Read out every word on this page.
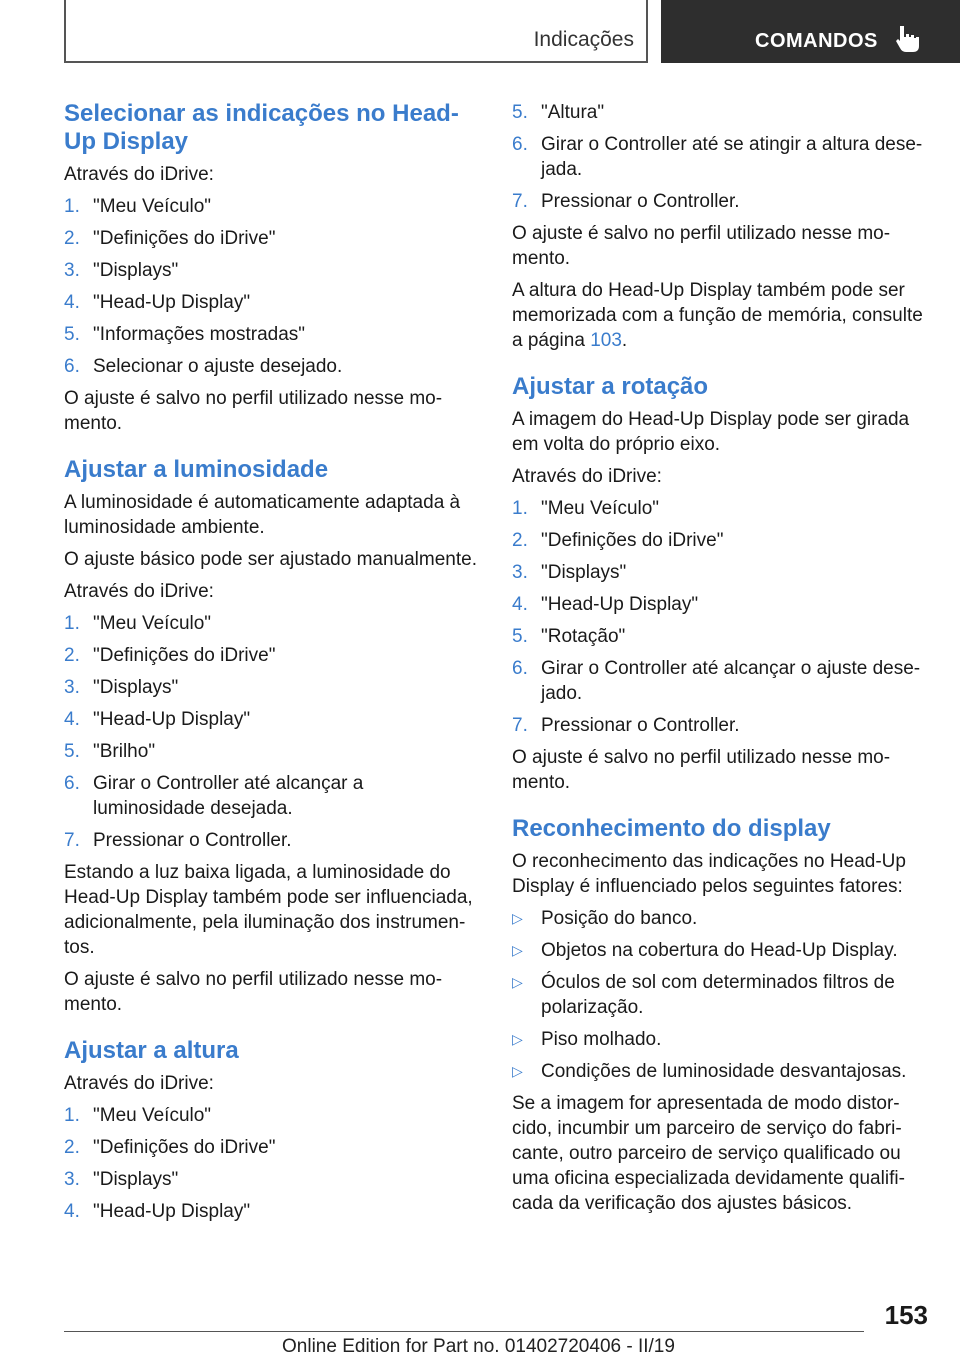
Indicações	COMANDOS
Selecionar as indicações no Head-Up Display

Através do iDrive:

1. "Meu Veículo"
2. "Definições do iDrive"
3. "Displays"
4. "Head-Up Display"
5. "Informações mostradas"
6. Selecionar o ajuste desejado.

O ajuste é salvo no perfil utilizado nesse mo-mento.

Ajustar a luminosidade

A luminosidade é automaticamente adaptada à luminosidade ambiente.

O ajuste básico pode ser ajustado manualmente.

Através do iDrive:

1. "Meu Veículo"
2. "Definições do iDrive"
3. "Displays"
4. "Head-Up Display"
5. "Brilho"
6. Girar o Controller até alcançar a luminosidade desejada.
7. Pressionar o Controller.

Estando a luz baixa ligada, a luminosidade do Head-Up Display também pode ser influenciada, adicionalmente, pela iluminação dos instrumen-tos.

O ajuste é salvo no perfil utilizado nesse mo-mento.

Ajustar a altura

Através do iDrive:

1. "Meu Veículo"
2. "Definições do iDrive"
3. "Displays"
4. "Head-Up Display"
5. "Altura"
6. Girar o Controller até se atingir a altura dese-jada.
7. Pressionar o Controller.

O ajuste é salvo no perfil utilizado nesse mo-mento.

A altura do Head-Up Display também pode ser memorizada com a função de memória, consulte a página 103.

Ajustar a rotação

A imagem do Head-Up Display pode ser girada em volta do próprio eixo.

Através do iDrive:

1. "Meu Veículo"
2. "Definições do iDrive"
3. "Displays"
4. "Head-Up Display"
5. "Rotação"
6. Girar o Controller até alcançar o ajuste dese-jado.
7. Pressionar o Controller.

O ajuste é salvo no perfil utilizado nesse mo-mento.

Reconhecimento do display

O reconhecimento das indicações no Head-Up Display é influenciado pelos seguintes fatores:

▷ Posição do banco.
▷ Objetos na cobertura do Head-Up Display.
▷ Óculos de sol com determinados filtros de polarização.
▷ Piso molhado.
▷ Condições de luminosidade desvantajosas.

Se a imagem for apresentada de modo distor-cido, incumbir um parceiro de serviço do fabri-cante, outro parceiro de serviço qualificado ou uma oficina especializada devidamente qualifi-cada da verificação dos ajustes básicos.

153
Online Edition for Part no. 01402720406 - II/19
